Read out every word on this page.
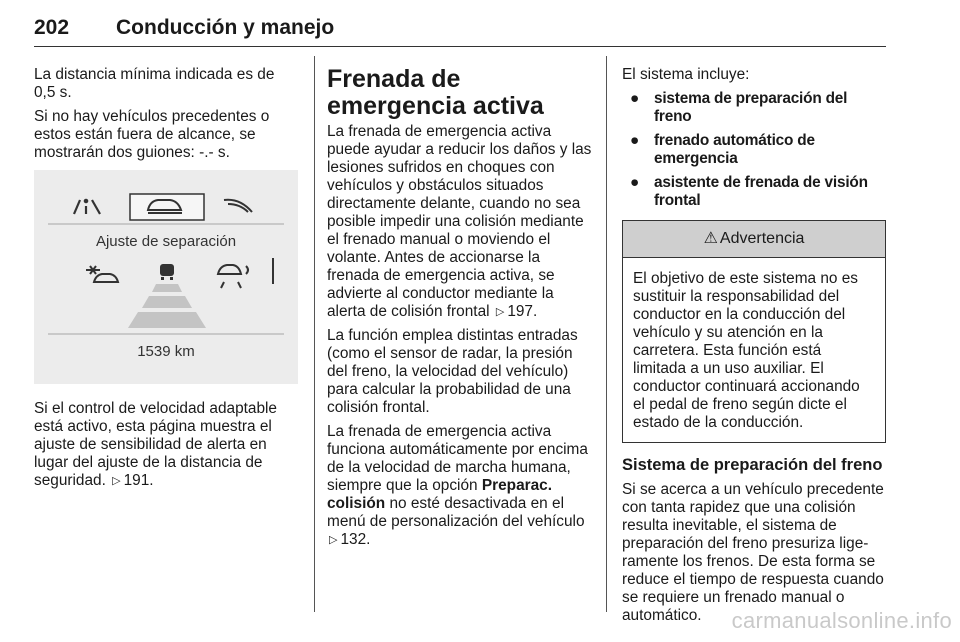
202 Conducción y manejo

La distancia mínima indicada es de 0,5 s.

Si no hay vehículos precedentes o estos están fuera de alcance, se mostrarán dos guiones: -.- s.

Ajuste de separación
1539 km

Si el control de velocidad adaptable está activo, esta página muestra el ajuste de sensibilidad de alerta en lugar del ajuste de la distancia de seguridad. ▷ 191.

Frenada de emergencia activa

La frenada de emergencia activa puede ayudar a reducir los daños y las lesiones sufridos en choques con vehículos y obstáculos situados directamente delante, cuando no sea posible impedir una colisión mediante el frenado manual o moviendo el volante. Antes de accionarse la frenada de emergencia activa, se advierte al conductor mediante la alerta de colisión frontal ▷ 197.

La función emplea distintas entradas (como el sensor de radar, la presión del freno, la velocidad del vehículo) para calcular la probabilidad de una colisión frontal.

La frenada de emergencia activa funciona automáticamente por encima de la velocidad de marcha humana, siempre que la opción Preparac. colisión no esté desactivada en el menú de personalización del vehículo ▷ 132.

El sistema incluye:

● sistema de preparación del freno
● frenado automático de emergencia
● asistente de frenada de visión frontal
⚠ Advertencia
El objetivo de este sistema no es sustituir la responsabilidad del conductor en la conducción del vehículo y su atención en la carretera. Esta función está limitada a un uso auxiliar. El conductor continuará accionando el pedal de freno según dicte el estado de la conducción.
Sistema de preparación del freno

Si se acerca a un vehículo precedente con tanta rapidez que una colisión resulta inevitable, el sistema de preparación del freno presuriza ligeramente los frenos. De esta forma se reduce el tiempo de respuesta cuando se requiere un frenado manual o automático.	carmanualsonline.info
